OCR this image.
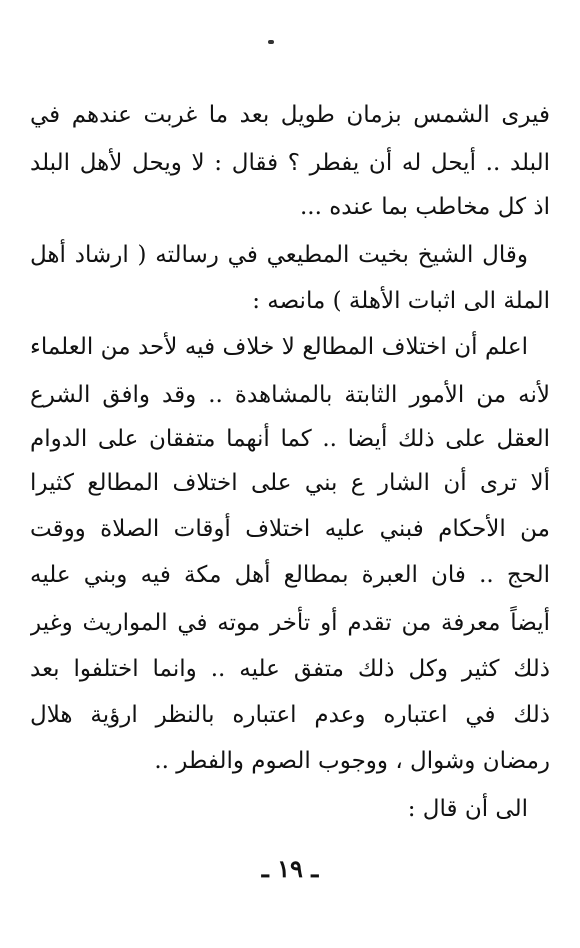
فيرى الشمس بزمان طويل بعد ما غربت عندهم في
البلد .. أيحل له أن يفطر ؟ فقال : لا ويحل لأهل البلد
اذ كل مخاطب بما عنده ...
وقال الشيخ بخيت المطيعي في رسالته ( ارشاد أهل
الملة الى اثبات الأهلة ) مانصه :
اعلم أن اختلاف المطالع لا خلاف فيه لأحد من العلماء
لأنه من الأمور الثابتة بالمشاهدة .. وقد وافق الشرع
العقل على ذلك أيضا .. كما أنهما متفقان على الدوام
ألا ترى أن الشار ع بني على اختلاف المطالع كثيرا
من الأحكام فبني عليه اختلاف أوقات الصلاة ووقت
الحج .. فان العبرة بمطالع أهل مكة فيه وبني عليه
أيضاً معرفة من تقدم أو تأخر موته في المواريث وغير
ذلك كثير وكل ذلك متفق عليه .. وانما اختلفوا بعد
ذلك في اعتباره وعدم اعتباره بالنظر ارؤية هلال
رمضان وشوال ، ووجوب الصوم والفطر ..
الى أن قال :
ـ ١٩ ـ
